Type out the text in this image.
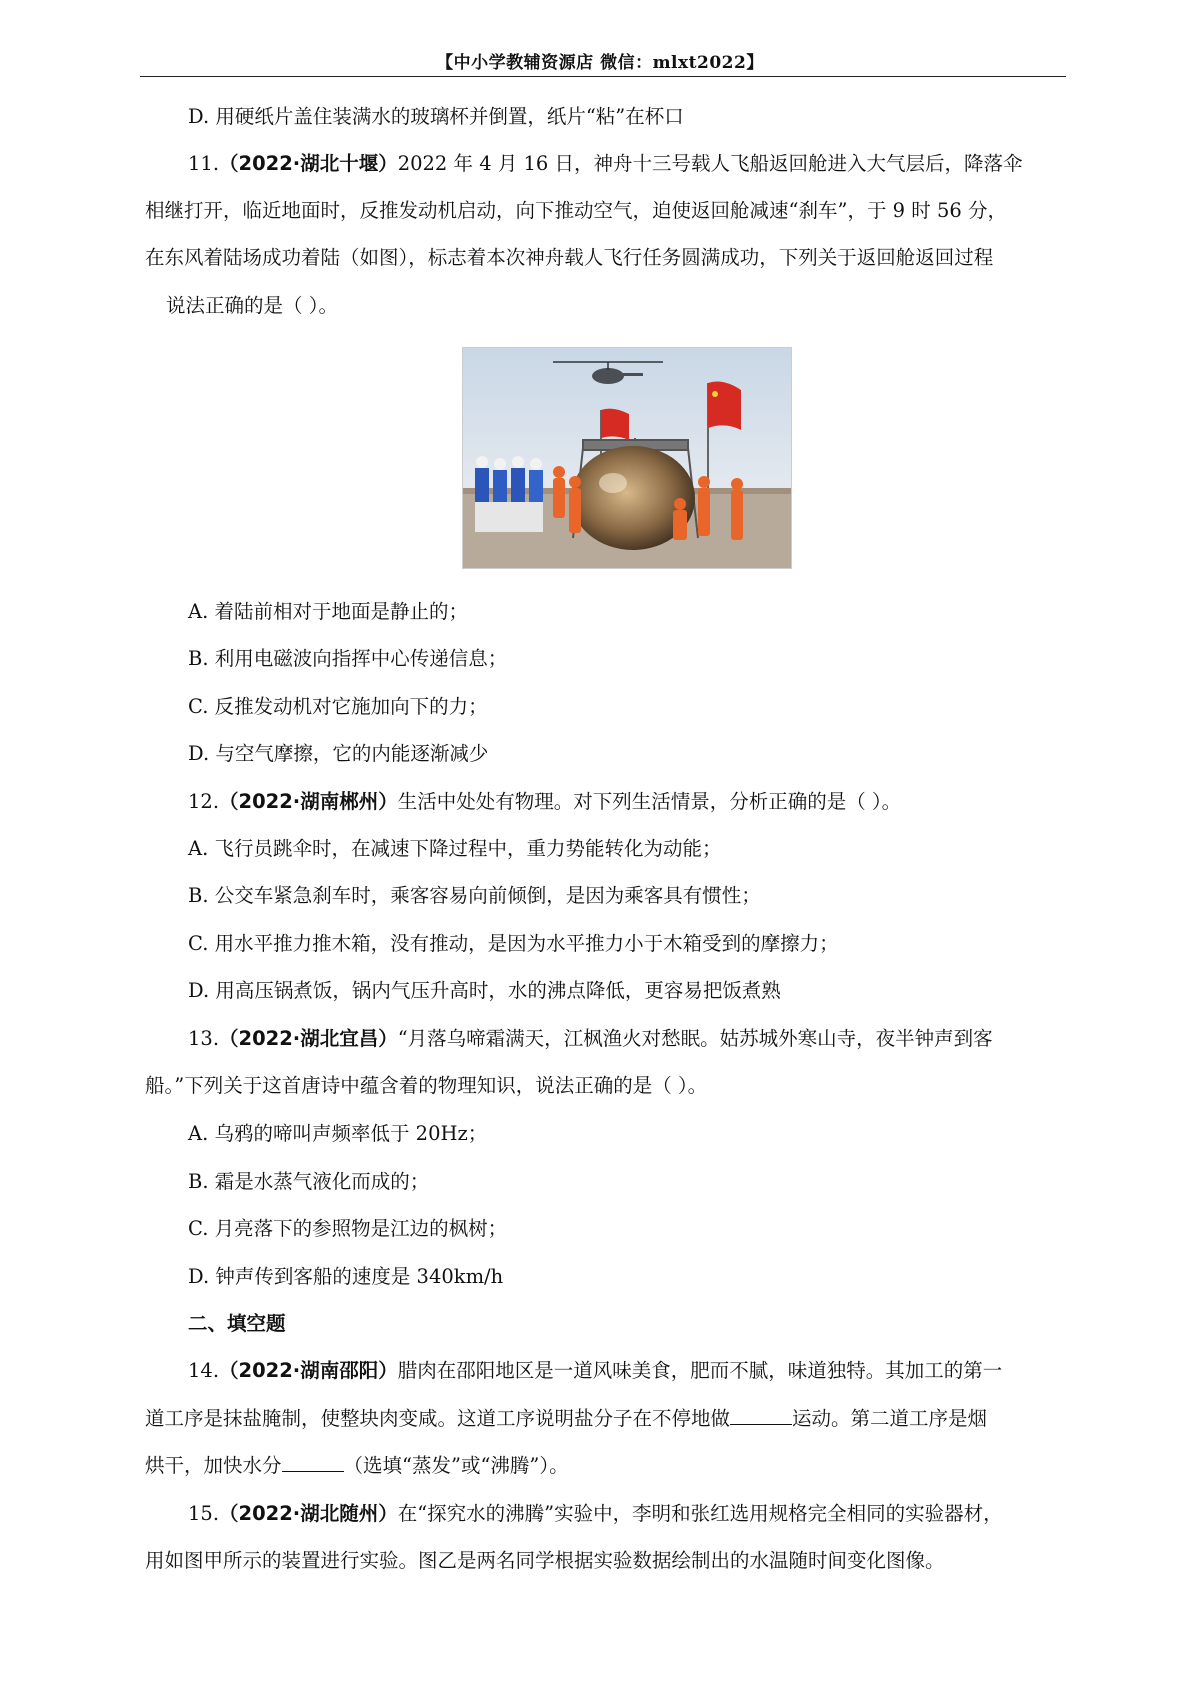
【中小学教辅资源店 微信：mlxt2022】
D. 用硬纸片盖住装满水的玻璃杯并倒置，纸片“粘”在杯口
11.（2022·湖北十堰）2022 年 4 月 16 日，神舟十三号载人飞船返回舱进入大气层后，降落伞
相继打开，临近地面时，反推发动机启动，向下推动空气，迫使返回舱减速“刹车”，于 9 时 56 分，
在东风着陆场成功着陆（如图），标志着本次神舟载人飞行任务圆满成功，下列关于返回舱返回过程
说法正确的是（ ）。
A. 着陆前相对于地面是静止的；
B. 利用电磁波向指挥中心传递信息；
C. 反推发动机对它施加向下的力；
D. 与空气摩擦，它的内能逐渐减少
12.（2022·湖南郴州）生活中处处有物理。对下列生活情景，分析正确的是（ ）。
A. 飞行员跳伞时，在减速下降过程中，重力势能转化为动能；
B. 公交车紧急刹车时，乘客容易向前倾倒，是因为乘客具有惯性；
C. 用水平推力推木箱，没有推动，是因为水平推力小于木箱受到的摩擦力；
D. 用高压锅煮饭，锅内气压升高时，水的沸点降低，更容易把饭煮熟
13.（2022·湖北宜昌）“月落乌啼霜满天，江枫渔火对愁眠。姑苏城外寒山寺，夜半钟声到客
船。”下列关于这首唐诗中蕴含着的物理知识，说法正确的是（ ）。
A. 乌鸦的啼叫声频率低于 20Hz；
B. 霜是水蒸气液化而成的；
C. 月亮落下的参照物是江边的枫树；
D. 钟声传到客船的速度是 340km/h
二、填空题
14.（2022·湖南邵阳）腊肉在邵阳地区是一道风味美食，肥而不腻，味道独特。其加工的第一
道工序是抹盐腌制，使整块肉变咸。这道工序说明盐分子在不停地做	运动。第二道工序是烟
烘干，加快水分	（选填“蒸发”或“沸腾”）。
15.（2022·湖北随州）在“探究水的沸腾”实验中，李明和张红选用规格完全相同的实验器材，
用如图甲所示的装置进行实验。图乙是两名同学根据实验数据绘制出的水温随时间变化图像。
